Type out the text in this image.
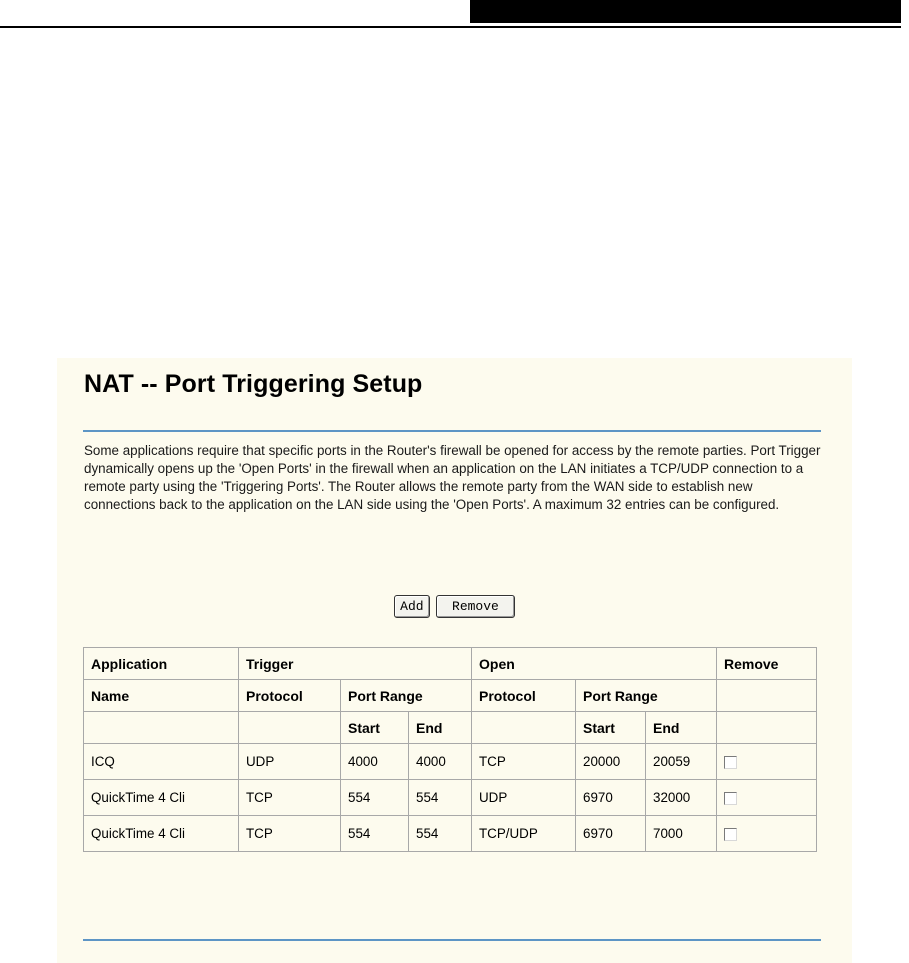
NAT -- Port Triggering Setup
Some applications require that specific ports in the Router's firewall be opened for access by the remote parties. Port Trigger dynamically opens up the 'Open Ports' in the firewall when an application on the LAN initiates a TCP/UDP connection to a remote party using the 'Triggering Ports'. The Router allows the remote party from the WAN side to establish new connections back to the application on the LAN side using the 'Open Ports'. A maximum 32 entries can be configured.
Add Remove
Application	Trigger			Open			Remove
Name	Protocol	Port Range		Protocol	Port Range		
		Start	End		Start	End	
ICQ	UDP	4000	4000	TCP	20000	20059	
QuickTime 4 Cli	TCP	554	554	UDP	6970	32000	
QuickTime 4 Cli	TCP	554	554	TCP/UDP	6970	7000	
